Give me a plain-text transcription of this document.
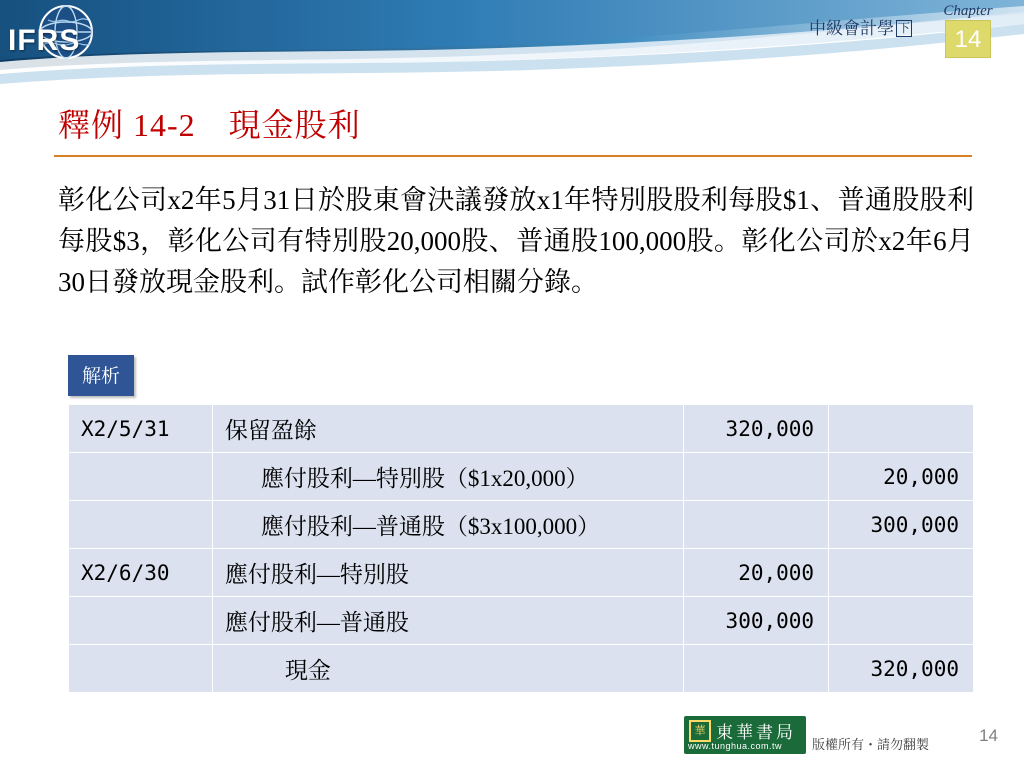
IFRS	中級會計學 下
Chapter
14
釋例 14-2　現金股利
彰化公司x2年5月31日於股東會決議發放x1年特別股股利每股$1、普通股股利每股$3，彰化公司有特別股20,000股、普通股100,000股。彰化公司於x2年6月30日發放現金股利。試作彰化公司相關分錄。
解析
X2/5/31	保留盈餘	320,000	
	應付股利—特別股（$1x20,000）		20,000
	應付股利—普通股（$3x100,000）		300,000
X2/6/30	應付股利—特別股	20,000	
	應付股利—普通股	300,000	
	現金		320,000
華 東華書局
www.tunghua.com.tw 版權所有・請勿翻製	14
